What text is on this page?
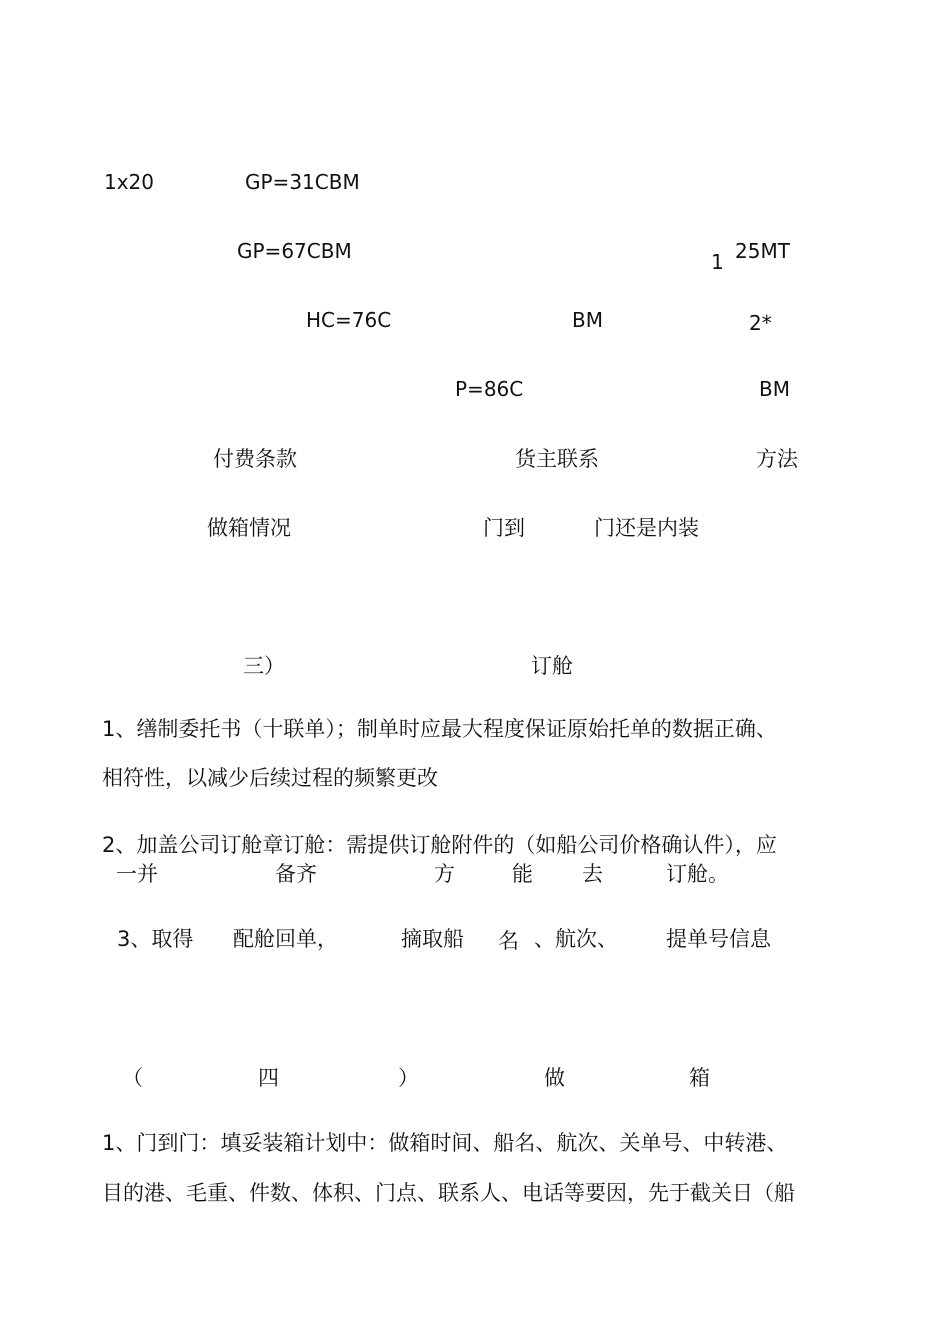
1x20	GP=31CBM
GP=67CBM	1 25MT
HC=76C	BM	2*
P=86C	BM
付费条款	货主联系	方法
做箱情况	门到	门还是内装
三）	订舱
1、缮制委托书（十联单）；制单时应最大程度保证原始托单的数据正确、
相符性，以减少后续过程的频繁更改
2、加盖公司订舱章订舱：需提供订舱附件的（如船公司价格确认件），应
一并	备齐	方	能 去	订舱。
3、取得 配舱回单，	摘取船 名 、航次、 提单号信息
（	四	）	做	箱
1、门到门：填妥装箱计划中：做箱时间、船名、航次、关单号、中转港、
目的港、毛重、件数、体积、门点、联系人、电话等要因，先于截关日（船
